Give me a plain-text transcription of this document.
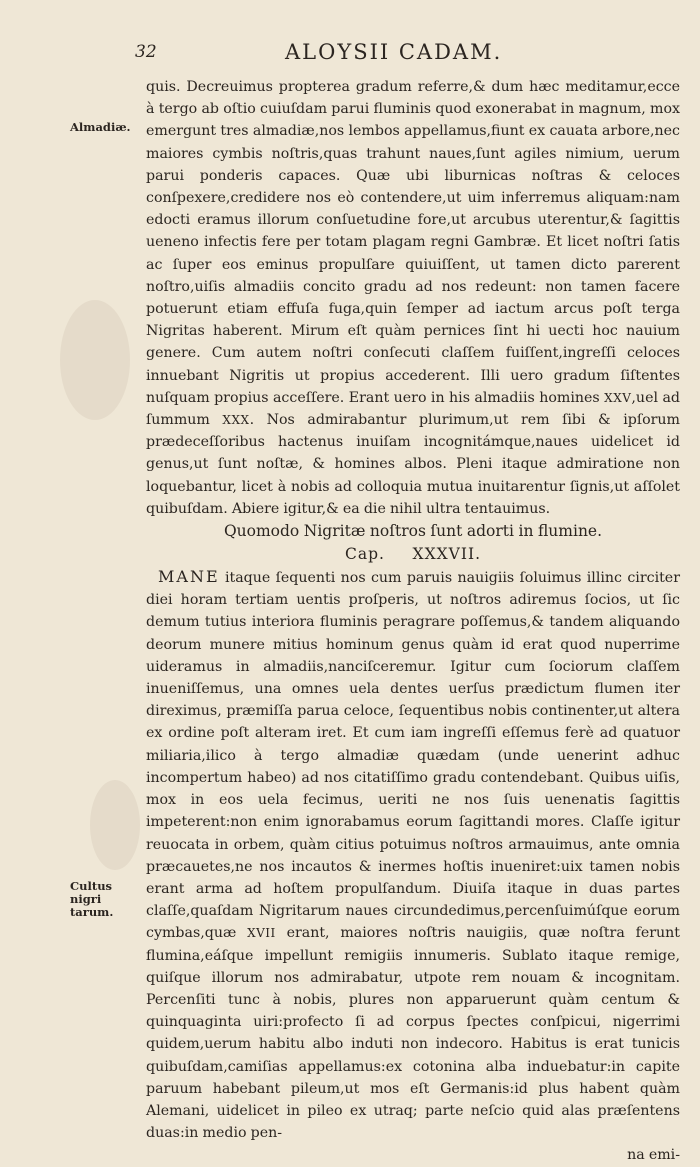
32	ALOYSII CADAM.
Almadiæ.
Cultus nigri tarum.

quis. Decreuimus propterea gradum referre,& dum hæc meditamur,ecce à tergo ab oſtio cuiuſdam parui fluminis quod exonerabat in magnum, mox emergunt tres almadiæ,nos lembos appellamus,fiunt ex cauata arbore,nec maiores cymbis noſtris,quas trahunt naues,ſunt agiles nimium, uerum parui ponderis capaces. Quæ ubi liburnicas noſtras & celoces conſpexere,credidere nos eò contendere,ut uim inferremus aliquam:nam edocti eramus illorum conſuetudine fore,ut arcubus uterentur,& ſagittis ueneno infectis fere per totam plagam regni Gambræ. Et licet noſtri ſatis ac ſuper eos eminus propulſare quiuiſſent, ut tamen dicto parerent noſtro,uiſis almadiis concito gradu ad nos redeunt: non tamen facere potuerunt etiam effuſa fuga,quin ſemper ad iactum arcus poſt terga Nigritas haberent. Mirum eſt quàm pernices ſint hi uecti hoc nauium genere. Cum autem noſtri conſecuti claſſem fuiſſent,ingreſſi celoces innuebant Nigritis ut propius accederent. Illi uero gradum ſiſtentes nuſquam propius acceſſere. Erant uero in his almadiis homines XXV,uel ad ſummum XXX. Nos admirabantur plurimum,ut rem ſibi & ipſorum prædeceſſoribus hactenus inuiſam incognitámque,naues uidelicet id genus,ut ſunt noſtæ, & homines albos. Pleni itaque admiratione non loquebantur, licet à nobis ad colloquia mutua inuitarentur ſignis,ut aſſolet quibuſdam. Abiere igitur,& ea die nihil ultra tentauimus.

Quomodo Nigritæ noſtros ſunt adorti in flumine.

Cap.     XXXVII.

MANE itaque ſequenti nos cum paruis nauigiis ſoluimus illinc circiter diei horam tertiam uentis proſperis, ut noſtros adiremus ſocios, ut ſic demum tutius interiora fluminis peragrare poſſemus,& tandem aliquando deorum munere mitius hominum genus quàm id erat quod nuperrime uideramus in almadiis,nanciſceremur. Igitur cum ſociorum claſſem inueniſſemus, una omnes uela dentes uerſus prædictum flumen iter direximus, præmiſſa parua celoce, ſequentibus nobis continenter,ut altera ex ordine poſt alteram iret. Et cum iam ingreſſi eſſemus ferè ad quatuor miliaria,ilico à tergo almadiæ quædam (unde uenerint adhuc incompertum habeo) ad nos citatiſſimo gradu contendebant. Quibus uiſis, mox in eos uela fecimus, ueriti ne nos ſuis uenenatis ſagittis impeterent:non enim ignorabamus eorum ſagittandi mores. Claſſe igitur reuocata in orbem, quàm citius potuimus noſtros armauimus, ante omnia præcauetes,ne nos incautos & inermes hoſtis inueniret:uix tamen nobis erant arma ad hoſtem propulſandum. Diuiſa itaque in duas partes claſſe,quaſdam Nigritarum naues circundedimus,percenſuimúſque eorum cymbas,quæ XVII erant, maiores noſtris nauigiis, quæ noſtra ferunt flumina,eáſque impellunt remigiis innumeris. Sublato itaque remige, quiſque illorum nos admirabatur, utpote rem nouam & incognitam. Percenſiti tunc à nobis, plures non apparuerunt quàm centum & quinquaginta uiri:profecto ſi ad corpus ſpectes conſpicui, nigerrimi quidem,uerum habitu albo induti non indecoro. Habitus is erat tunicis quibuſdam,camiſias appellamus:ex cotonina alba induebatur:in capite paruum habebant pileum,ut mos eſt Germanis:id plus habent quàm Alemani, uidelicet in pileo ex utraq; parte neſcio quid alas præſentens duas:in medio pen-

na emi-
